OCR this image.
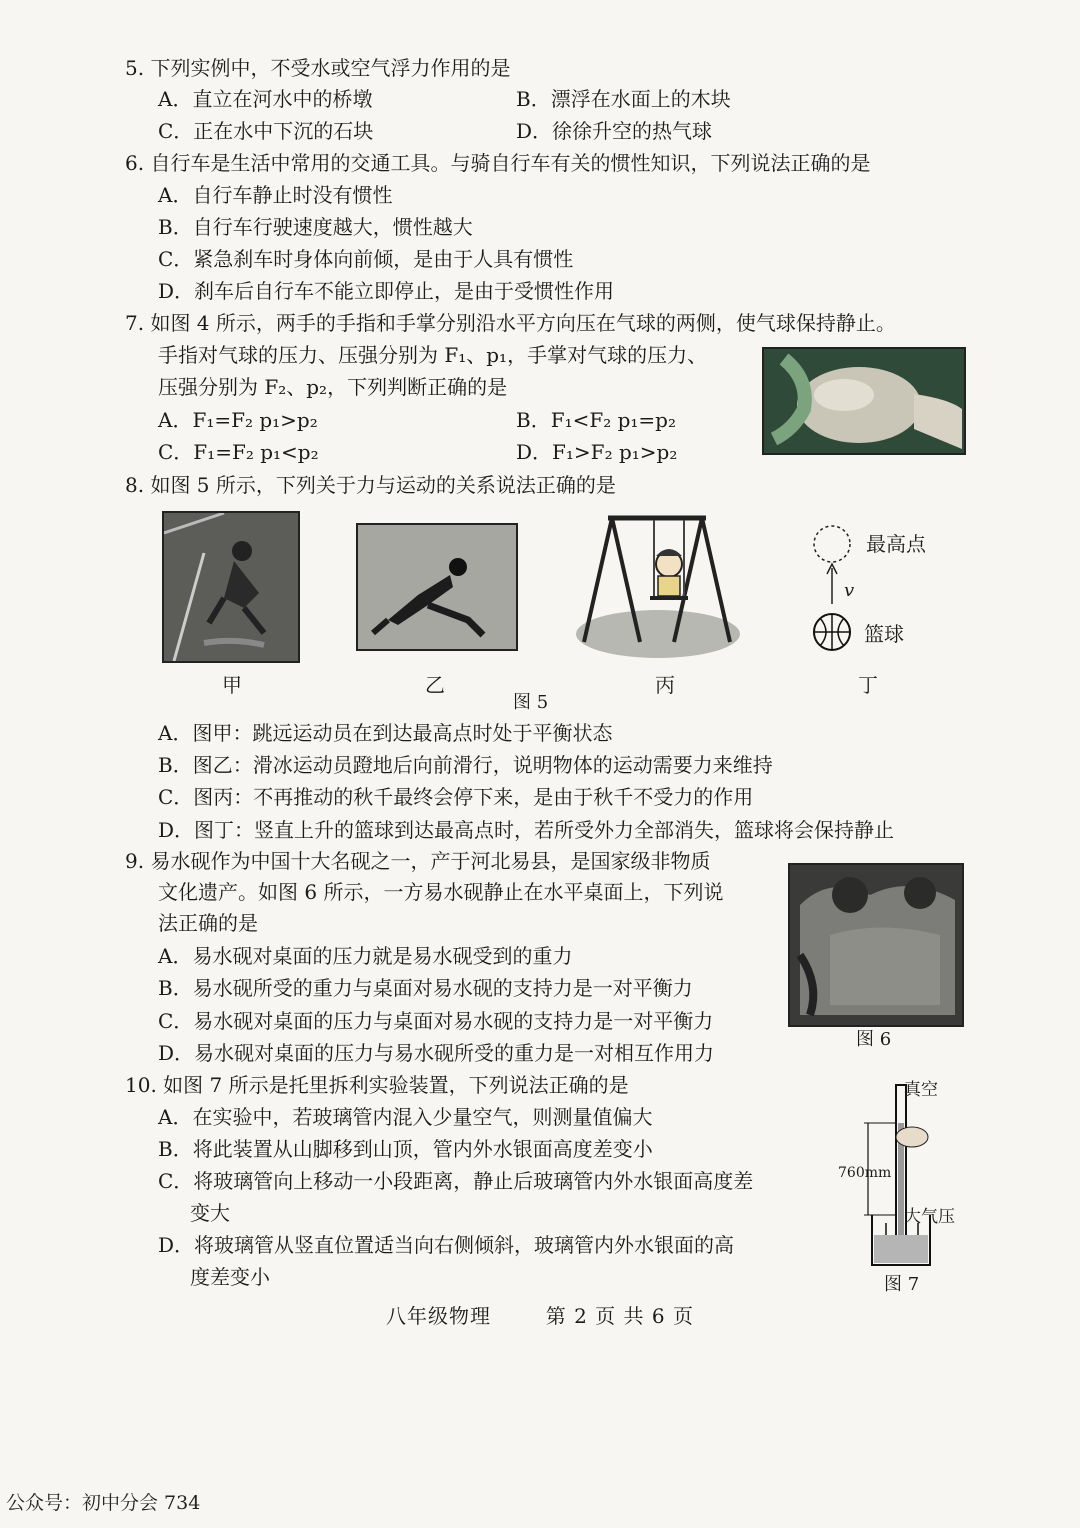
5. 下列实例中，不受水或空气浮力作用的是
A．直立在河水中的桥墩	B．漂浮在水面上的木块
C．正在水中下沉的石块	D．徐徐升空的热气球
6. 自行车是生活中常用的交通工具。与骑自行车有关的惯性知识，下列说法正确的是
A．自行车静止时没有惯性
B．自行车行驶速度越大，惯性越大
C．紧急刹车时身体向前倾，是由于人具有惯性
D．刹车后自行车不能立即停止，是由于受惯性作用
7. 如图 4 所示，两手的手指和手掌分别沿水平方向压在气球的两侧，使气球保持静止。
手指对气球的压力、压强分别为 F₁、p₁，手掌对气球的压力、
压强分别为 F₂、p₂，下列判断正确的是
A．F₁=F₂ p₁>p₂	B．F₁<F₂ p₁=p₂
C．F₁=F₂ p₁<p₂	D．F₁>F₂ p₁>p₂
8. 如图 5 所示，下列关于力与运动的关系说法正确的是
最高点
v
篮球
甲	乙	丙	丁
图 5
A．图甲：跳远运动员在到达最高点时处于平衡状态
B．图乙：滑冰运动员蹬地后向前滑行，说明物体的运动需要力来维持
C．图丙：不再推动的秋千最终会停下来，是由于秋千不受力的作用
D．图丁：竖直上升的篮球到达最高点时，若所受外力全部消失，篮球将会保持静止
9. 易水砚作为中国十大名砚之一，产于河北易县，是国家级非物质
文化遗产。如图 6 所示，一方易水砚静止在水平桌面上，下列说
法正确的是
A．易水砚对桌面的压力就是易水砚受到的重力
B．易水砚所受的重力与桌面对易水砚的支持力是一对平衡力
C．易水砚对桌面的压力与桌面对易水砚的支持力是一对平衡力
D．易水砚对桌面的压力与易水砚所受的重力是一对相互作用力
图 6
10. 如图 7 所示是托里拆利实验装置，下列说法正确的是
A．在实验中，若玻璃管内混入少量空气，则测量值偏大
B．将此装置从山脚移到山顶，管内外水银面高度差变小
C．将玻璃管向上移动一小段距离，静止后玻璃管内外水银面高度差
变大
D．将玻璃管从竖直位置适当向右侧倾斜，玻璃管内外水银面的高
度差变小
真空
760mm
大气压
图 7
八年级物理	第 2 页 共 6 页
公众号：初中分会 734
